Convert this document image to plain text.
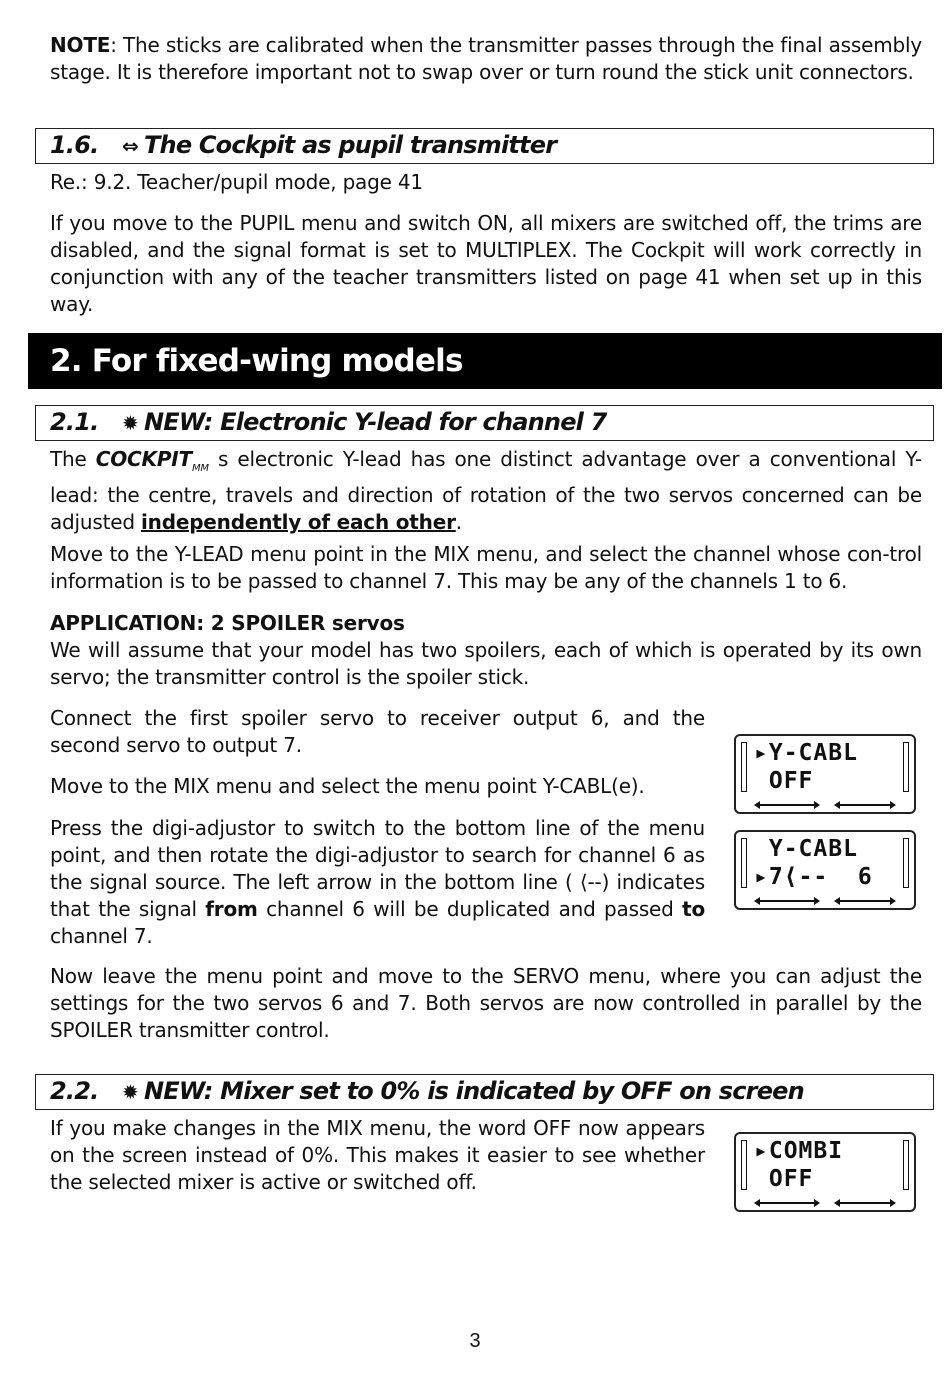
NOTE: The sticks are calibrated when the transmitter passes through the final assembly stage. It is therefore important not to swap over or turn round the stick unit connectors.

1.6. ⇔ The Cockpit as pupil transmitter

Re.: 9.2. Teacher/pupil mode, page 41

If you move to the PUPIL menu and switch ON, all mixers are switched off, the trims are disabled, and the signal format is set to MULTIPLEX. The Cockpit will work correctly in conjunction with any of the teacher transmitters listed on page 41 when set up in this way.

2. For fixed-wing models
2.1. ✹ NEW: Electronic Y-lead for channel 7

The $COCKPIT_{MM}$ s electronic Y-lead has one distinct advantage over a conventional Y-lead: the centre, travels and direction of rotation of the two servos concerned can be adjusted independently of each other.

Move to the Y-LEAD menu point in the MIX menu, and select the channel whose con-trol information is to be passed to channel 7. This may be any of the channels 1 to 6.

APPLICATION: 2 SPOILER servos

We will assume that your model has two spoilers, each of which is operated by its own servo; the transmitter control is the spoiler stick.

Connect the first spoiler servo to receiver output 6, and the second servo to output 7.

Move to the MIX menu and select the menu point Y-CABL(e).

Press the digi-adjustor to switch to the bottom line of the menu point, and then rotate the digi-adjustor to search for channel 6 as the signal source. The left arrow in the bottom line ( ⟨--) indicates that the signal from channel 6 will be duplicated and passed to channel 7.

Now leave the menu point and move to the SERVO menu, where you can adjust the settings for the two servos 6 and 7. Both servos are now controlled in parallel by the SPOILER transmitter control.

▸Y-CABL
OFF
Y-CABL
▸7⟨--  6
2.2. ✹ NEW: Mixer set to 0% is indicated by OFF on screen

If you make changes in the MIX menu, the word OFF now appears on the screen instead of 0%. This makes it easier to see whether the selected mixer is active or switched off.

▸COMBI
OFF
3
